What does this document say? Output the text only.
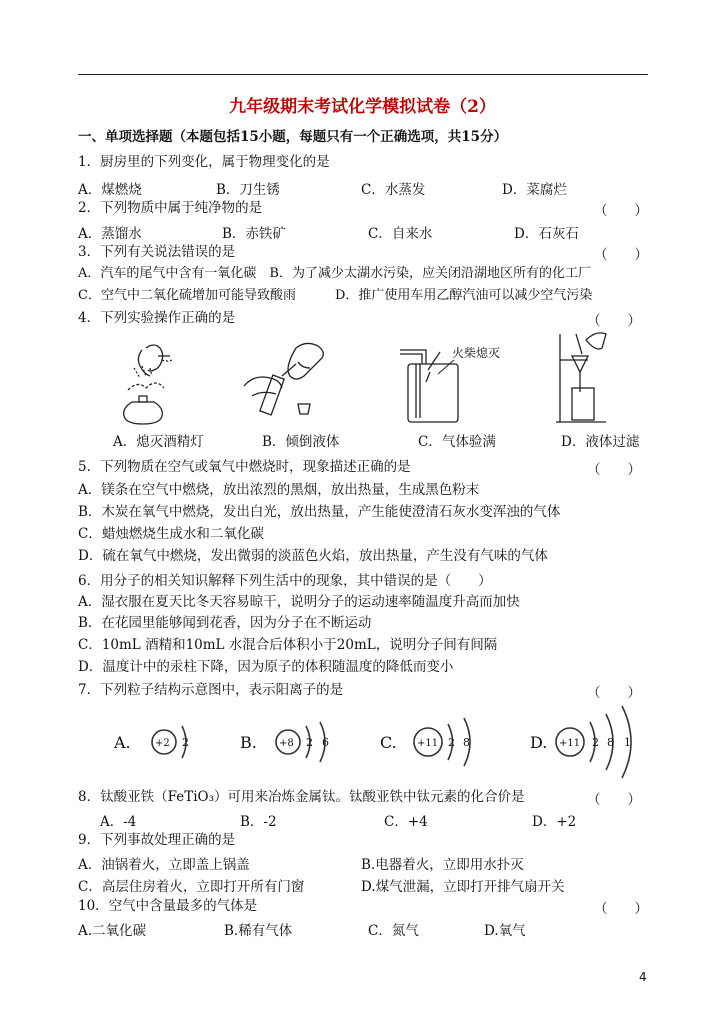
九年级期末考试化学模拟试卷（2）
一、单项选择题（本题包括15小题，每题只有一个正确选项，共15分）
1．厨房里的下列变化，属于物理变化的是
A．煤燃烧	B．刀生锈	C．水蒸发	D．菜腐烂
2．下列物质中属于纯净物的是	（　　）
A．蒸馏水	B．赤铁矿	C．自来水	D．石灰石
3．下列有关说法错误的是	（　　）
A．汽车的尾气中含有一氧化碳　B．为了减少太湖水污染，应关闭沿湖地区所有的化工厂
C．空气中二氧化硫增加可能导致酸雨　　　D．推广使用车用乙醇汽油可以减少空气污染
4．下列实验操作正确的是	（　　）
火柴熄灭
A．熄灭酒精灯	B．倾倒液体	C．气体验满	D．液体过滤
5．下列物质在空气或氧气中燃烧时，现象描述正确的是	（　　）
A．镁条在空气中燃烧，放出浓烈的黑烟，放出热量，生成黑色粉末
B．木炭在氧气中燃烧，发出白光，放出热量，产生能使澄清石灰水变浑浊的气体
C．蜡烛燃烧生成水和二氧化碳
D．硫在氧气中燃烧，发出微弱的淡蓝色火焰，放出热量，产生没有气味的气体
6．用分子的相关知识解释下列生活中的现象，其中错误的是（　　）
A．湿衣服在夏天比冬天容易晾干，说明分子的运动速率随温度升高而加快
B．在花园里能够闻到花香，因为分子在不断运动
C．10mL 酒精和10mL 水混合后体积小于20mL，说明分子间有间隔
D．温度计中的汞柱下降，因为原子的体积随温度的降低而变小
7．下列粒子结构示意图中，表示阳离子的是	（　　）
A. +2 2	B. +8 2 6	C. +11 2 8	D. +11 2 8 1
8．钛酸亚铁（FeTiO₃）可用来冶炼金属钛。钛酸亚铁中钛元素的化合价是	（　　）
A．-4	B．-2	C．+4	D．+2
9．下列事故处理正确的是
A．油锅着火，立即盖上锅盖	B.电器着火，立即用水扑灭
C．高层住房着火，立即打开所有门窗	D.煤气泄漏，立即打开排气扇开关
10．空气中含量最多的气体是	（　　）
A.二氧化碳	B.稀有气体	C．氮气	D.氧气
4
